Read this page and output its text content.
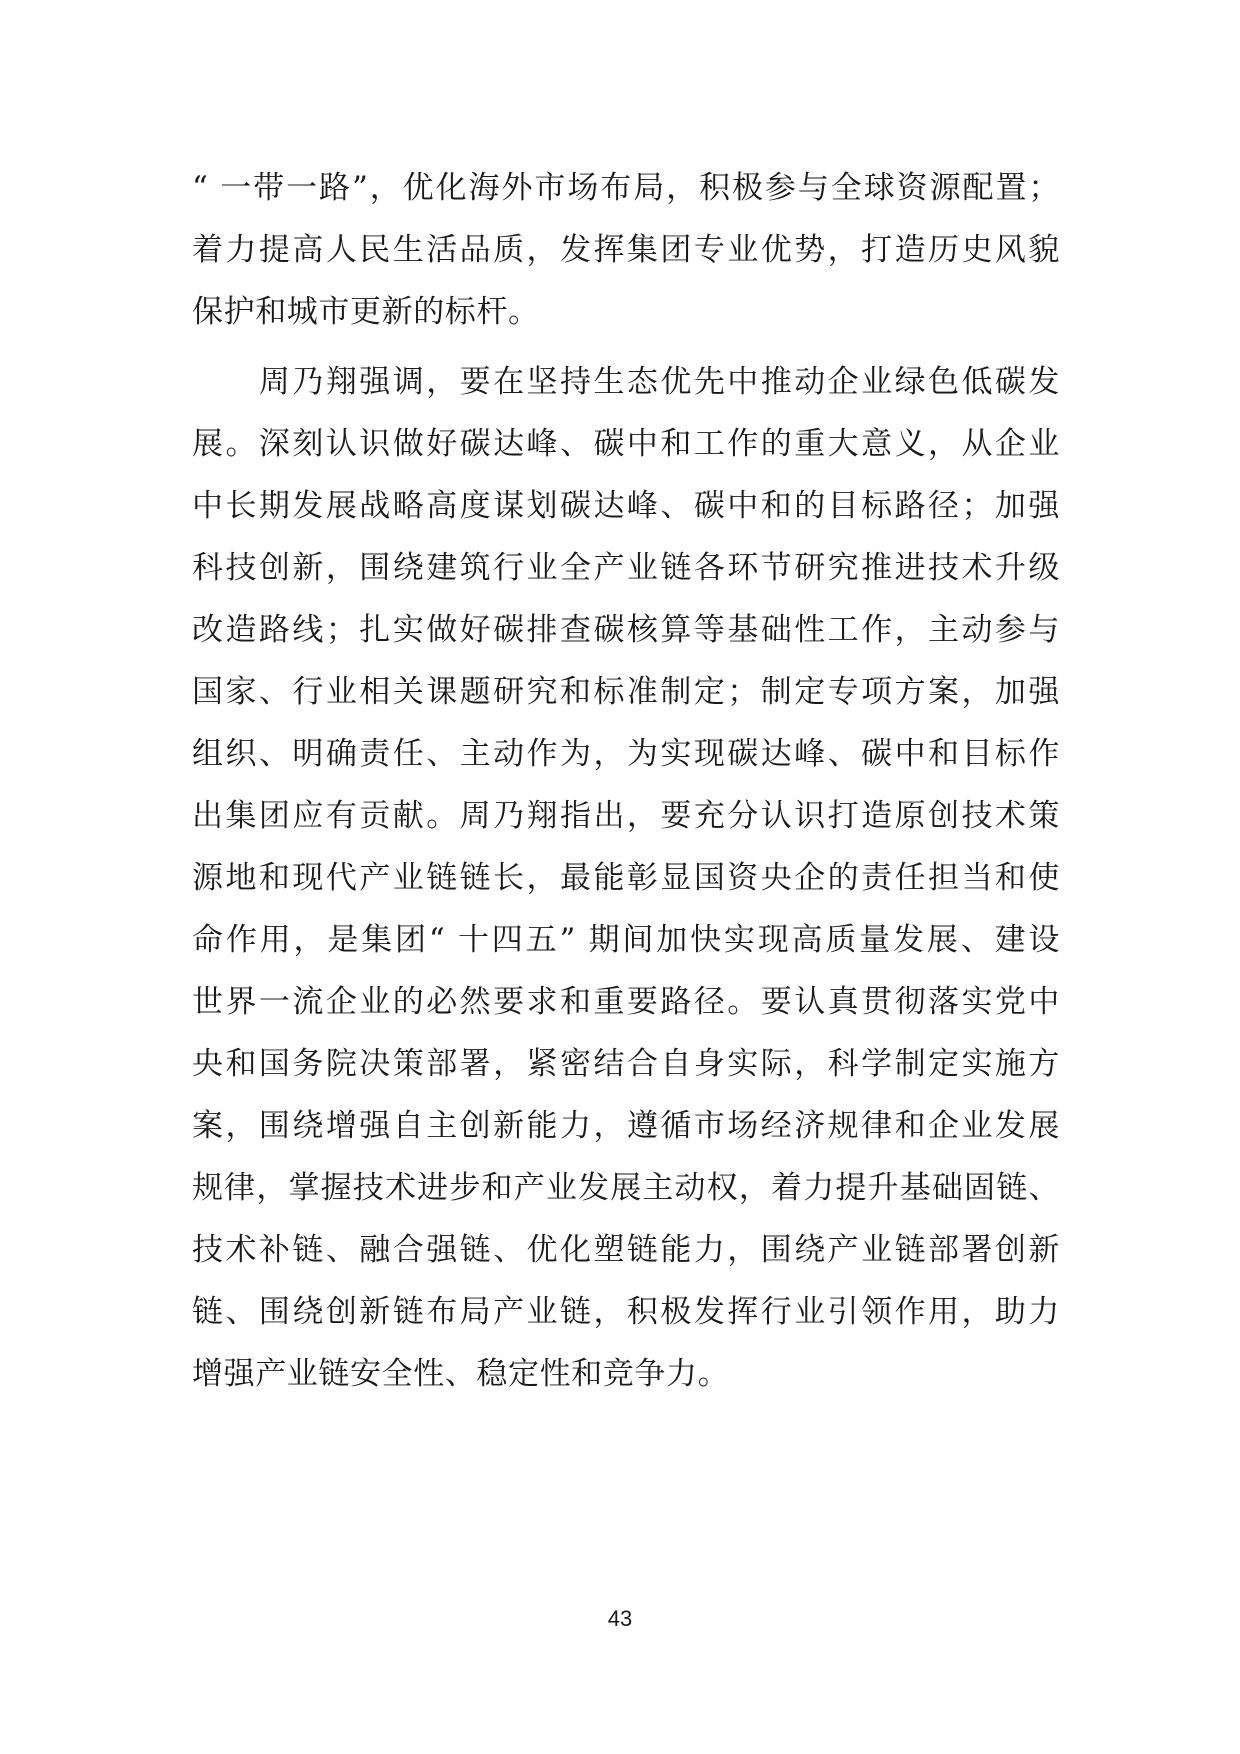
“ 一带一路”，优化海外市场布局，积极参与全球资源配置；
着力提高人民生活品质，发挥集团专业优势，打造历史风貌
保护和城市更新的标杆。
　　周乃翔强调，要在坚持生态优先中推动企业绿色低碳发
展。深刻认识做好碳达峰、碳中和工作的重大意义，从企业
中长期发展战略高度谋划碳达峰、碳中和的目标路径；加强
科技创新，围绕建筑行业全产业链各环节研究推进技术升级
改造路线；扎实做好碳排查碳核算等基础性工作，主动参与
国家、行业相关课题研究和标准制定；制定专项方案，加强
组织、明确责任、主动作为，为实现碳达峰、碳中和目标作
出集团应有贡献。周乃翔指出，要充分认识打造原创技术策
源地和现代产业链链长，最能彰显国资央企的责任担当和使
命作用，是集团“ 十四五” 期间加快实现高质量发展、建设
世界一流企业的必然要求和重要路径。要认真贯彻落实党中
央和国务院决策部署，紧密结合自身实际，科学制定实施方
案，围绕增强自主创新能力，遵循市场经济规律和企业发展
规律，掌握技术进步和产业发展主动权，着力提升基础固链、
技术补链、融合强链、优化塑链能力，围绕产业链部署创新
链、围绕创新链布局产业链，积极发挥行业引领作用，助力
增强产业链安全性、稳定性和竞争力。
43
